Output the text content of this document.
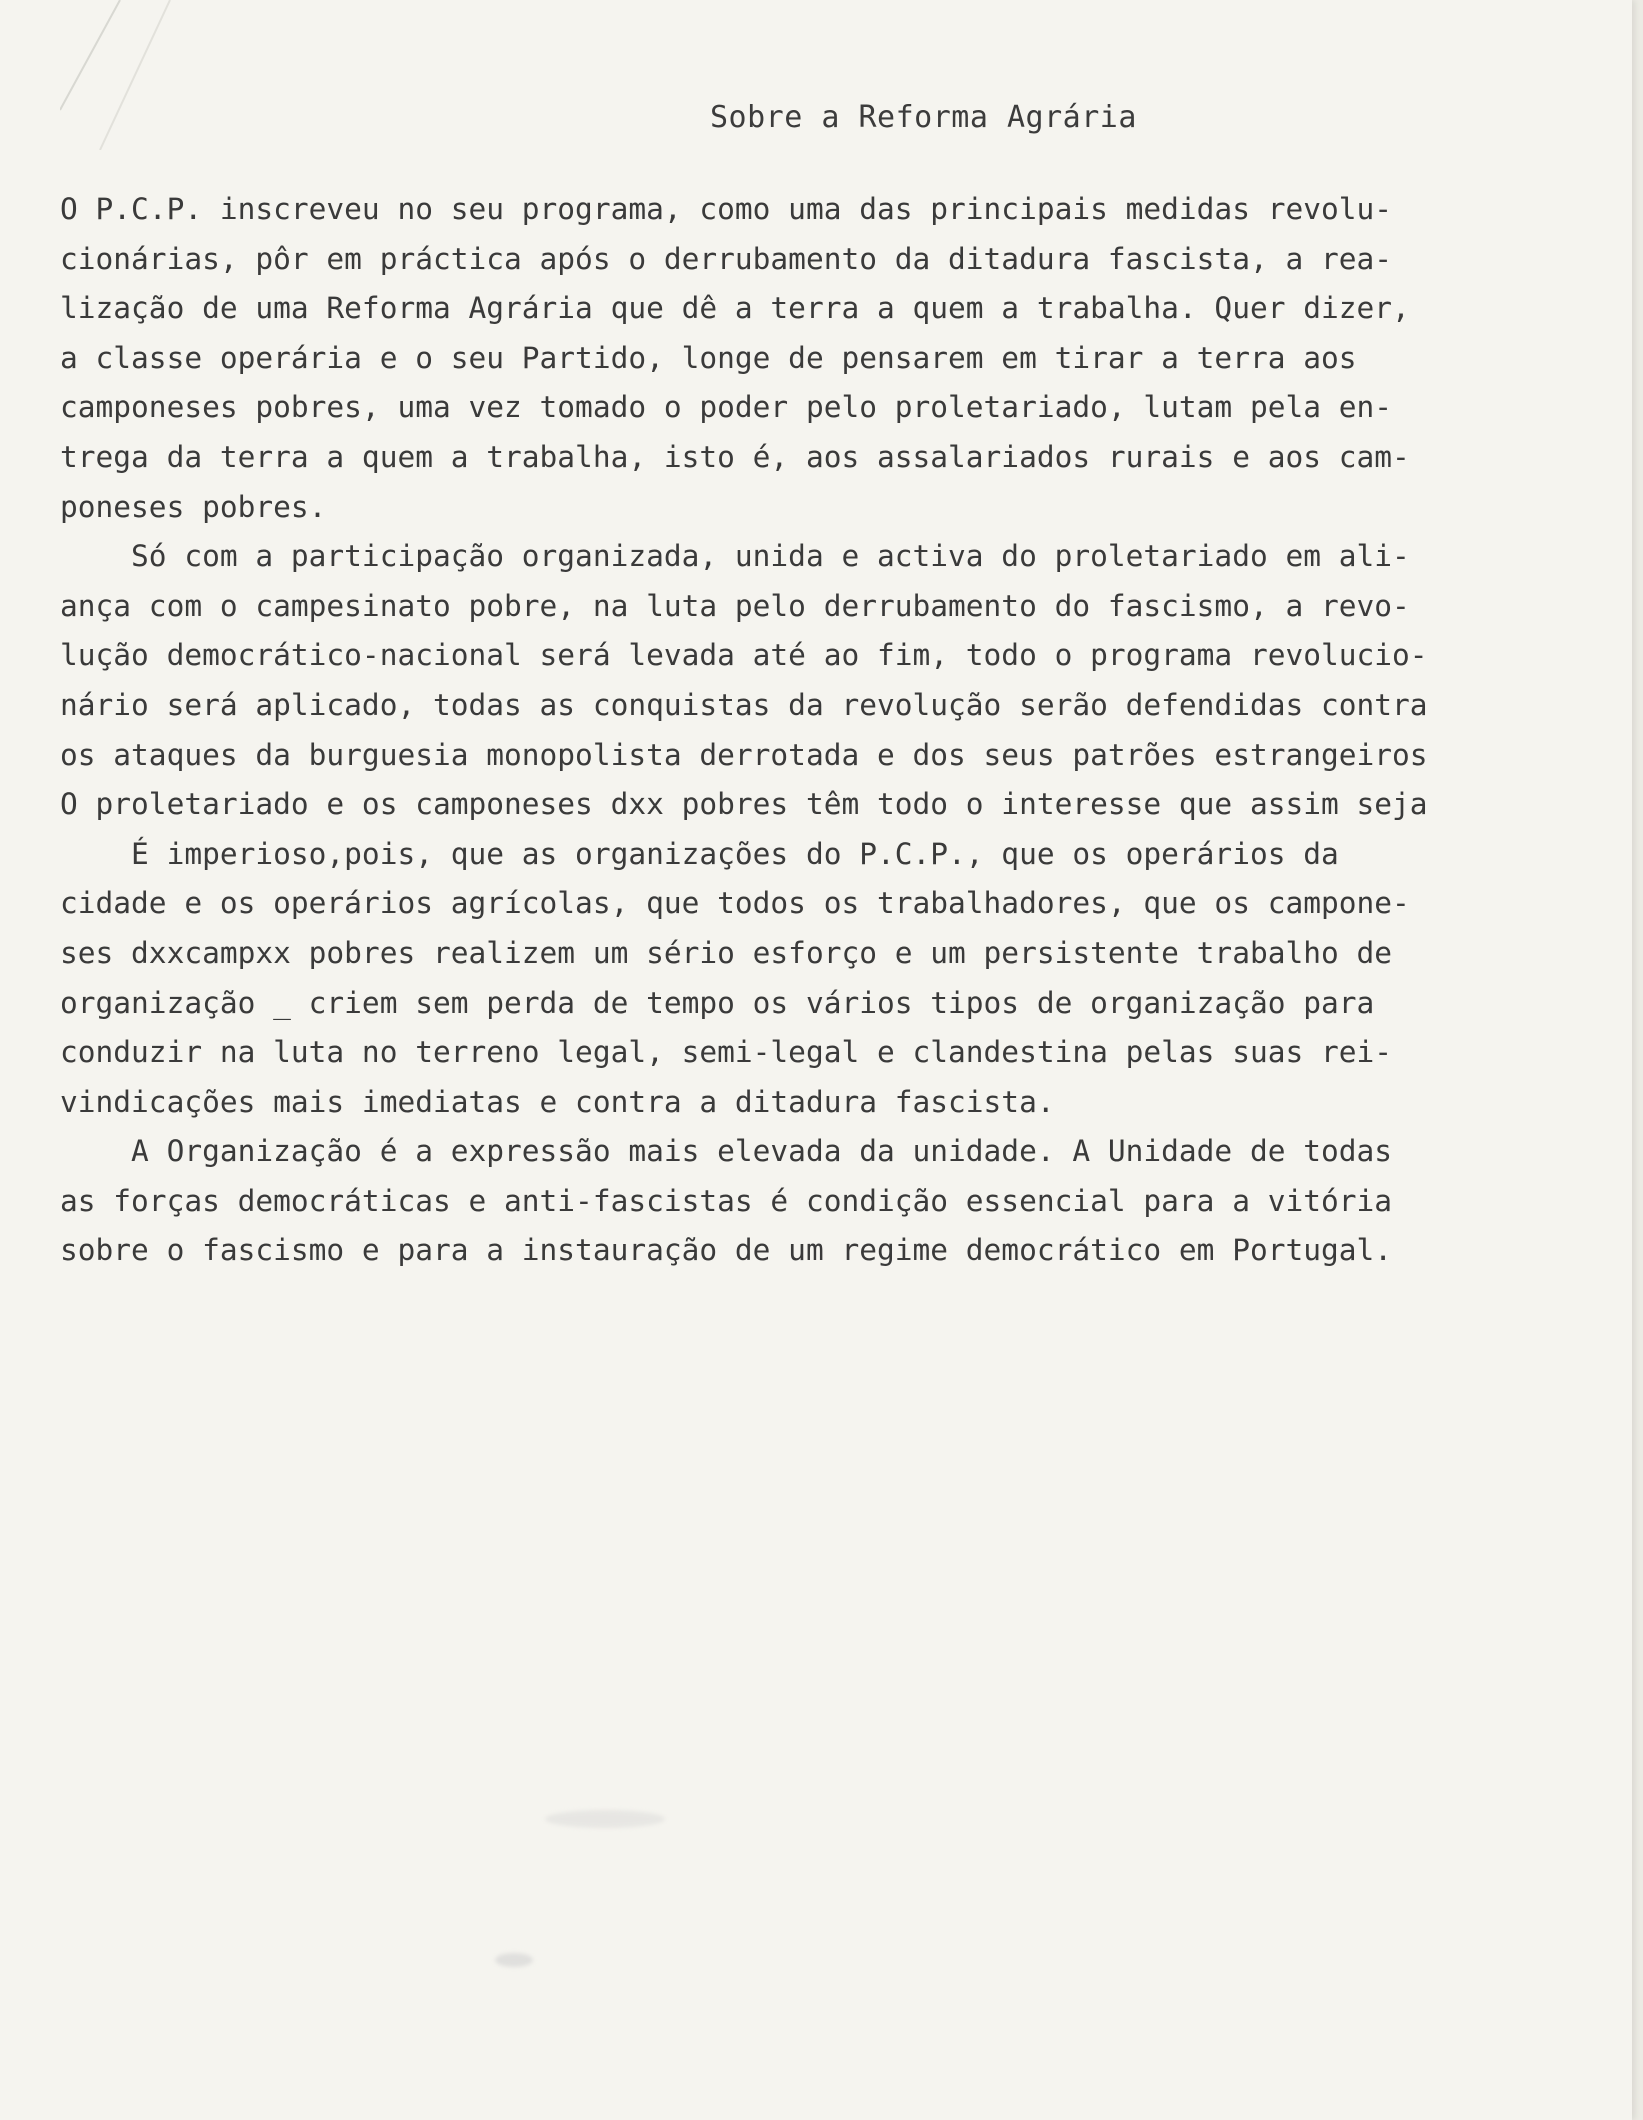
Sobre a Reforma Agrária
O P.C.P. inscreveu no seu programa, como uma das principais medidas revolu-
cionárias, pôr em práctica após o derrubamento da ditadura fascista, a rea-
lização de uma Reforma Agrária que dê a terra a quem a trabalha. Quer dizer,
a classe operária e o seu Partido, longe de pensarem em tirar a terra aos
camponeses pobres, uma vez tomado o poder pelo proletariado, lutam pela en-
trega da terra a quem a trabalha, isto é, aos assalariados rurais e aos cam-
poneses pobres.
Só com a participação organizada, unida e activa do proletariado em ali-
ança com o campesinato pobre, na luta pelo derrubamento do fascismo, a revo-
lução democrático-nacional será levada até ao fim, todo o programa revolucio-
nário será aplicado, todas as conquistas da revolução serão defendidas contra
os ataques da burguesia monopolista derrotada e dos seus patrões estrangeiros
O proletariado e os camponeses dxx pobres têm todo o interesse que assim seja
É imperioso,pois, que as organizações do P.C.P., que os operários da
cidade e os operários agrícolas, que todos os trabalhadores, que os campone-
ses dxxcampxx pobres realizem um sério esforço e um persistente trabalho de
organização _ criem sem perda de tempo os vários tipos de organização para
conduzir na luta no terreno legal, semi-legal e clandestina pelas suas rei-
vindicações mais imediatas e contra a ditadura fascista.
A Organização é a expressão mais elevada da unidade. A Unidade de todas
as forças democráticas e anti-fascistas é condição essencial para a vitória
sobre o fascismo e para a instauração de um regime democrático em Portugal.
